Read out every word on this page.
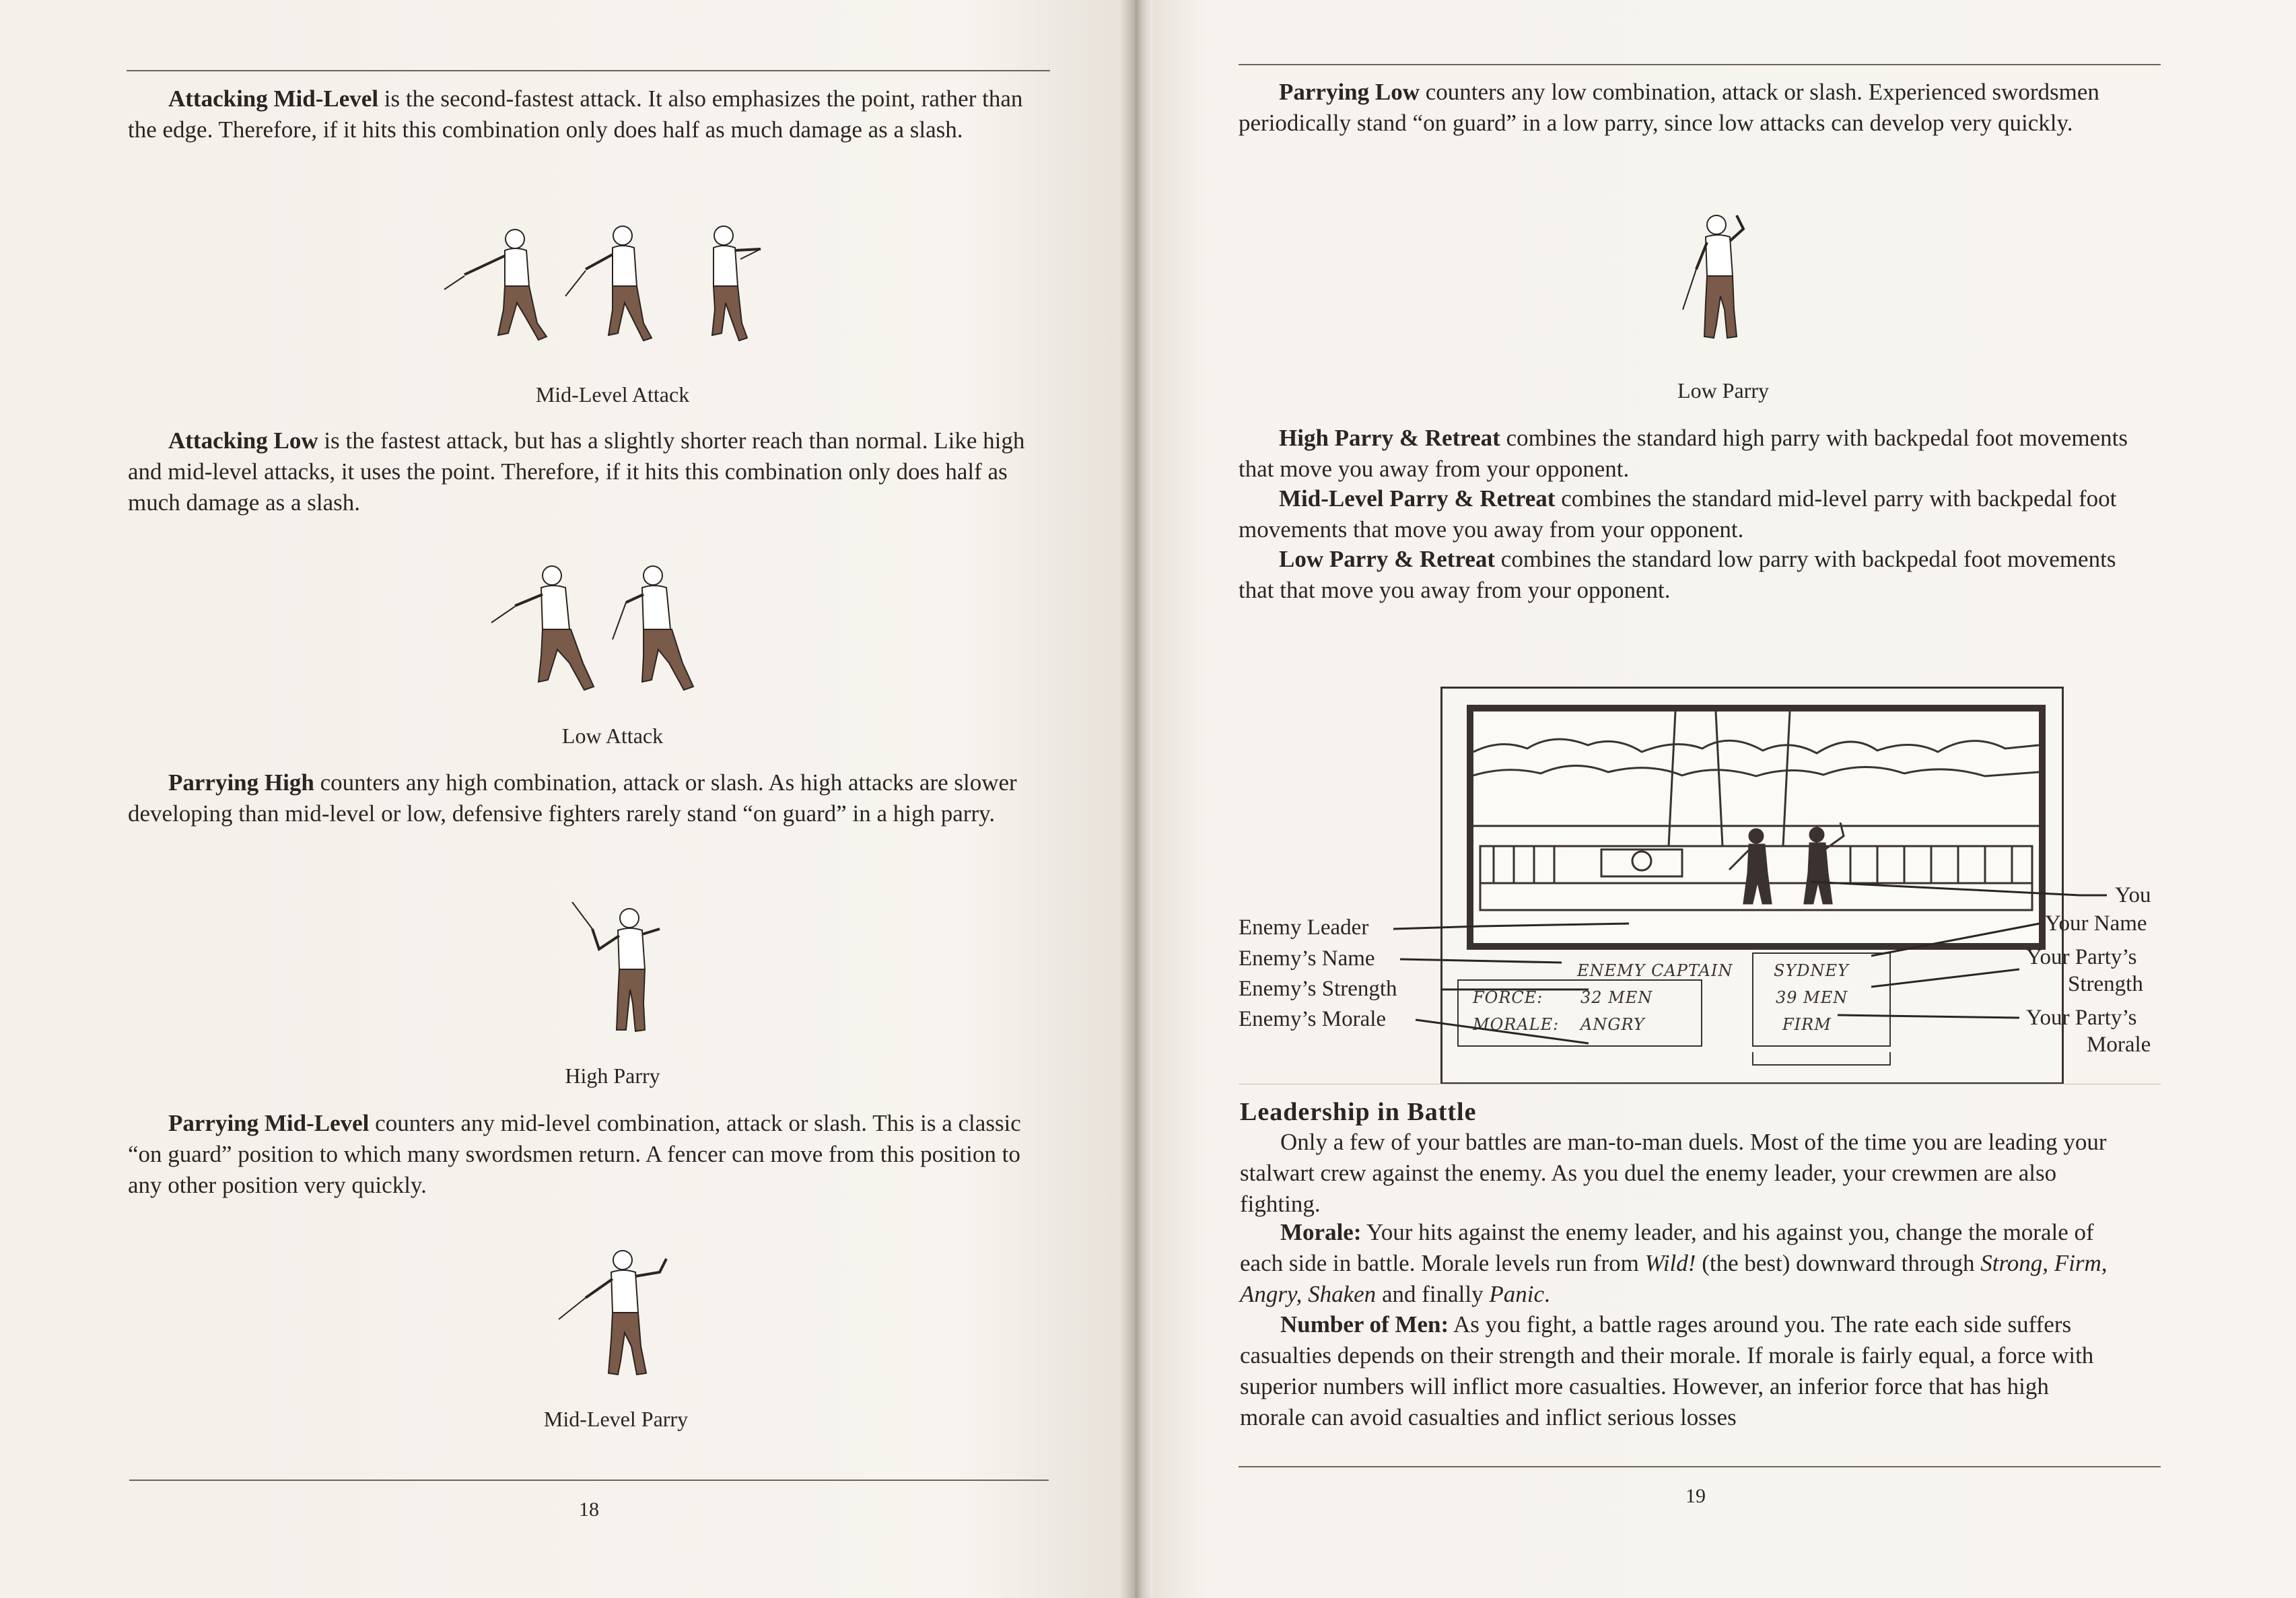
Attacking Mid-Level is the second-fastest attack. It also emphasizes the point, rather than the edge. Therefore, if it hits this combination only does half as much damage as a slash.

Mid-Level Attack

Attacking Low is the fastest attack, but has a slightly shorter reach than normal. Like high and mid-level attacks, it uses the point. Therefore, if it hits this combination only does half as much damage as a slash.

Low Attack

Parrying High counters any high combination, attack or slash. As high attacks are slower developing than mid-level or low, defensive fighters rarely stand “on guard” in a high parry.

High Parry

Parrying Mid-Level counters any mid-level combination, attack or slash. This is a classic “on guard” position to which many swordsmen return. A fencer can move from this position to any other position very quickly.

Mid-Level Parry
18

Parrying Low counters any low combination, attack or slash. Experienced swordsmen periodically stand “on guard” in a low parry, since low attacks can develop very quickly.

Low Parry

High Parry & Retreat combines the standard high parry with backpedal foot movements that move you away from your opponent.

Mid-Level Parry & Retreat combines the standard mid-level parry with backpedal foot movements that move you away from your opponent.

Low Parry & Retreat combines the standard low parry with backpedal foot movements that that move you away from your opponent.

ENEMY CAPTAIN	SYDNEY
FORCE: 32 MEN	39 MEN
MORALE: ANGRY	FIRM
Enemy Leader
Enemy’s Name
Enemy’s Strength
Enemy’s Morale
You
Your Name
Your Party’s
Strength
Your Party’s
Morale
Leadership in Battle

Only a few of your battles are man-to-man duels. Most of the time you are leading your stalwart crew against the enemy. As you duel the enemy leader, your crewmen are also fighting.

Morale: Your hits against the enemy leader, and his against you, change the morale of each side in battle. Morale levels run from Wild! (the best) downward through Strong, Firm, Angry, Shaken and finally Panic.

Number of Men: As you fight, a battle rages around you. The rate each side suffers casualties depends on their strength and their morale. If morale is fairly equal, a force with superior numbers will inflict more casualties. However, an inferior force that has high morale can avoid casualties and inflict serious losses

19
